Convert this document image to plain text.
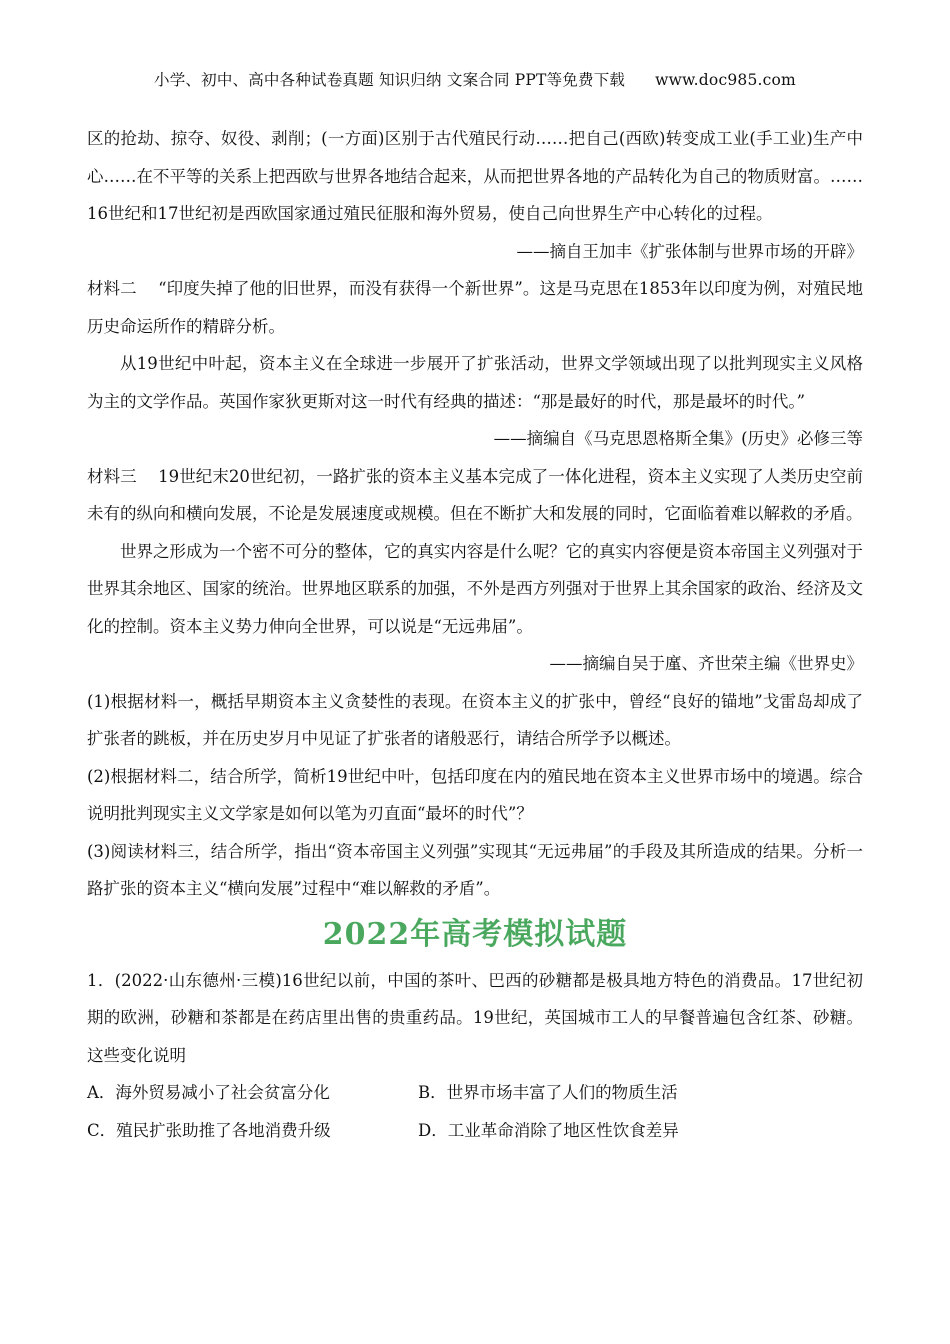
小学、初中、高中各种试卷真题 知识归纳 文案合同 PPT等免费下载 www.doc985.com

区的抢劫、掠夺、奴役、剥削；(一方面)区别于古代殖民行动……把自己(西欧)转变成工业(手工业)生产中心……在不平等的关系上把西欧与世界各地结合起来，从而把世界各地的产品转化为自己的物质财富。……16世纪和17世纪初是西欧国家通过殖民征服和海外贸易，使自己向世界生产中心转化的过程。

——摘自王加丰《扩张体制与世界市场的开辟》

材料二 “印度失掉了他的旧世界，而没有获得一个新世界”。这是马克思在1853年以印度为例，对殖民地历史命运所作的精辟分析。

从19世纪中叶起，资本主义在全球进一步展开了扩张活动，世界文学领域出现了以批判现实主义风格为主的文学作品。英国作家狄更斯对这一时代有经典的描述：“那是最好的时代，那是最坏的时代。”

——摘编自《马克思恩格斯全集》(历史》必修三等

材料三 19世纪末20世纪初，一路扩张的资本主义基本完成了一体化进程，资本主义实现了人类历史空前未有的纵向和横向发展，不论是发展速度或规模。但在不断扩大和发展的同时，它面临着难以解救的矛盾。

世界之形成为一个密不可分的整体，它的真实内容是什么呢？它的真实内容便是资本帝国主义列强对于世界其余地区、国家的统治。世界地区联系的加强，不外是西方列强对于世界上其余国家的政治、经济及文化的控制。资本主义势力伸向全世界，可以说是“无远弗届”。

——摘编自吴于廑、齐世荣主编《世界史》

(1)根据材料一，概括早期资本主义贪婪性的表现。在资本主义的扩张中，曾经“良好的锚地”戈雷岛却成了扩张者的跳板，并在历史岁月中见证了扩张者的诸般恶行，请结合所学予以概述。

(2)根据材料二，结合所学，简析19世纪中叶，包括印度在内的殖民地在资本主义世界市场中的境遇。综合说明批判现实主义文学家是如何以笔为刃直面“最坏的时代”？

(3)阅读材料三，结合所学，指出“资本帝国主义列强”实现其“无远弗届”的手段及其所造成的结果。分析一路扩张的资本主义“横向发展”过程中“难以解救的矛盾”。

2022年高考模拟试题

1．(2022·山东德州·三模)16世纪以前，中国的茶叶、巴西的砂糖都是极具地方特色的消费品。17世纪初期的欧洲，砂糖和茶都是在药店里出售的贵重药品。19世纪，英国城市工人的早餐普遍包含红茶、砂糖。这些变化说明

A．海外贸易减小了社会贫富分化	B．世界市场丰富了人们的物质生活
C．殖民扩张助推了各地消费升级	D．工业革命消除了地区性饮食差异
